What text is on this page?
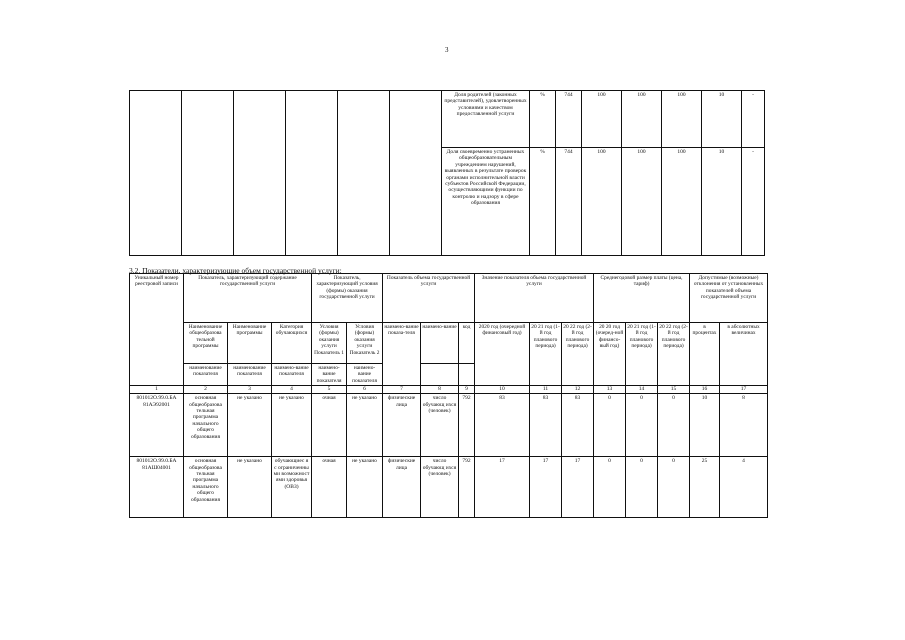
3
						Доля родителей (законных представителей), удовлетворенных условиями и качеством предоставленной услуги	%	744	100	100	100	10	-
						Доля своевременно устраненных общеобразовательным учреждением нарушений, выявленных в результате проверок органами исполнительной власти субъектов Российской Федерации, осуществляющими функции по контролю и надзору в сфере образования	%	744	100	100	100	10	-
3.2. Показатели, характеризующие объем государственной услуги:
Уникальный номер реестровой записи	Показатель, характеризующий содержание государственной услуги			Показатель, характеризующий условия (формы) оказания государственной услуги		Показатель объема государственной услуги			Значение показателя объема государственной услуги			Среднегодовой размер платы (цена, тариф)			Допустимые (возможные) отклонения от установленных показателей объема государственной услуги	
	Наименование общеобразова тельной программы	Наименование программы	Категория обучающихся	Условия (формы) оказания услуги Показатель 1	Условия (формы) оказания услуги Показатель 2	наимено-вание показа-теля	наимено-вание	код	2020 год (очередной финансовый год)	20 21 год (1-й год планового периода)	20 22 год (2-й год планового периода)	20 20 год (очеред-ной финансо-вый год)	20 21 год (1-й год планового периода)	20 22 год (2-й год планового периода)	в процентах	в абсолютных величинах
	наименование показателя	наименование показателя	наимено-вание показателя	наимено-вание показателя	наимено-вание показателя											
1	2	3	4	5	6	7	8	9	10	11	12	13	14	15	16	17
801012О.99.0.БА 81АЭ92001	основная общеобразова тельная программа начального общего образования	не указано	не указано	очная	не указано	физические лица	число обучающ ихся (человек)	792	83	83	83	0	0	0	10	8
801012О.99.0.БА 81АШ04001	основная общеобразова тельная программа начального общего образования	не указано	обучающиес я с ограниченны ми возможност ями здоровья (ОВЗ)	очная	не указано	физические лица	число обучающ ихся (человек)	792	17	17	17	0	0	0	25	4
